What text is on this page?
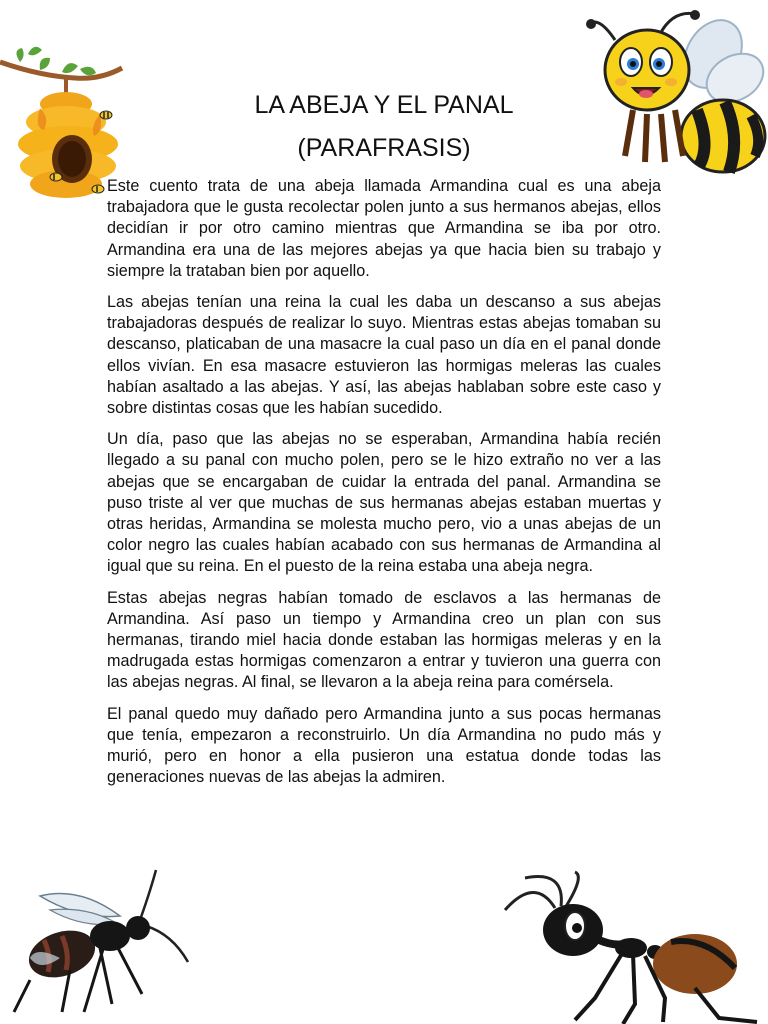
LA ABEJA Y EL PANAL
(PARAFRASIS)

Este cuento trata de una abeja llamada Armandina cual es una abeja trabajadora que le gusta recolectar polen junto a sus hermanos abejas, ellos decidían ir por otro camino mientras que Armandina se iba por otro. Armandina era una de las mejores abejas ya que hacia bien su trabajo y siempre la trataban bien por aquello.

Las abejas tenían una reina la cual les daba un descanso a sus abejas trabajadoras después de realizar lo suyo. Mientras estas abejas tomaban su descanso, platicaban de una masacre la cual paso un día en el panal donde ellos vivían. En esa masacre estuvieron las hormigas meleras las cuales habían asaltado a las abejas. Y así, las abejas hablaban sobre este caso y sobre distintas cosas que les habían sucedido.

Un día, paso que las abejas no se esperaban, Armandina había recién llegado a su panal con mucho polen, pero se le hizo extraño no ver a las abejas que se encargaban de cuidar la entrada del panal. Armandina se puso triste al ver que muchas de sus hermanas abejas estaban muertas y otras heridas, Armandina se molesta mucho pero, vio a unas abejas de un color negro las cuales habían acabado con sus hermanas de Armandina al igual que su reina. En el puesto de la reina estaba una abeja negra.

Estas abejas negras habían tomado de esclavos a las hermanas de Armandina. Así paso un tiempo y Armandina creo un plan con sus hermanas, tirando miel hacia donde estaban las hormigas meleras y en la madrugada estas hormigas comenzaron a entrar y tuvieron una guerra con las abejas negras. Al final, se llevaron a la abeja reina para comérsela.

El panal quedo muy dañado pero Armandina junto a sus pocas hermanas que tenía, empezaron a reconstruirlo. Un día Armandina no pudo más y murió, pero en honor a ella pusieron una estatua donde todas las generaciones nuevas de las abejas la admiren.
